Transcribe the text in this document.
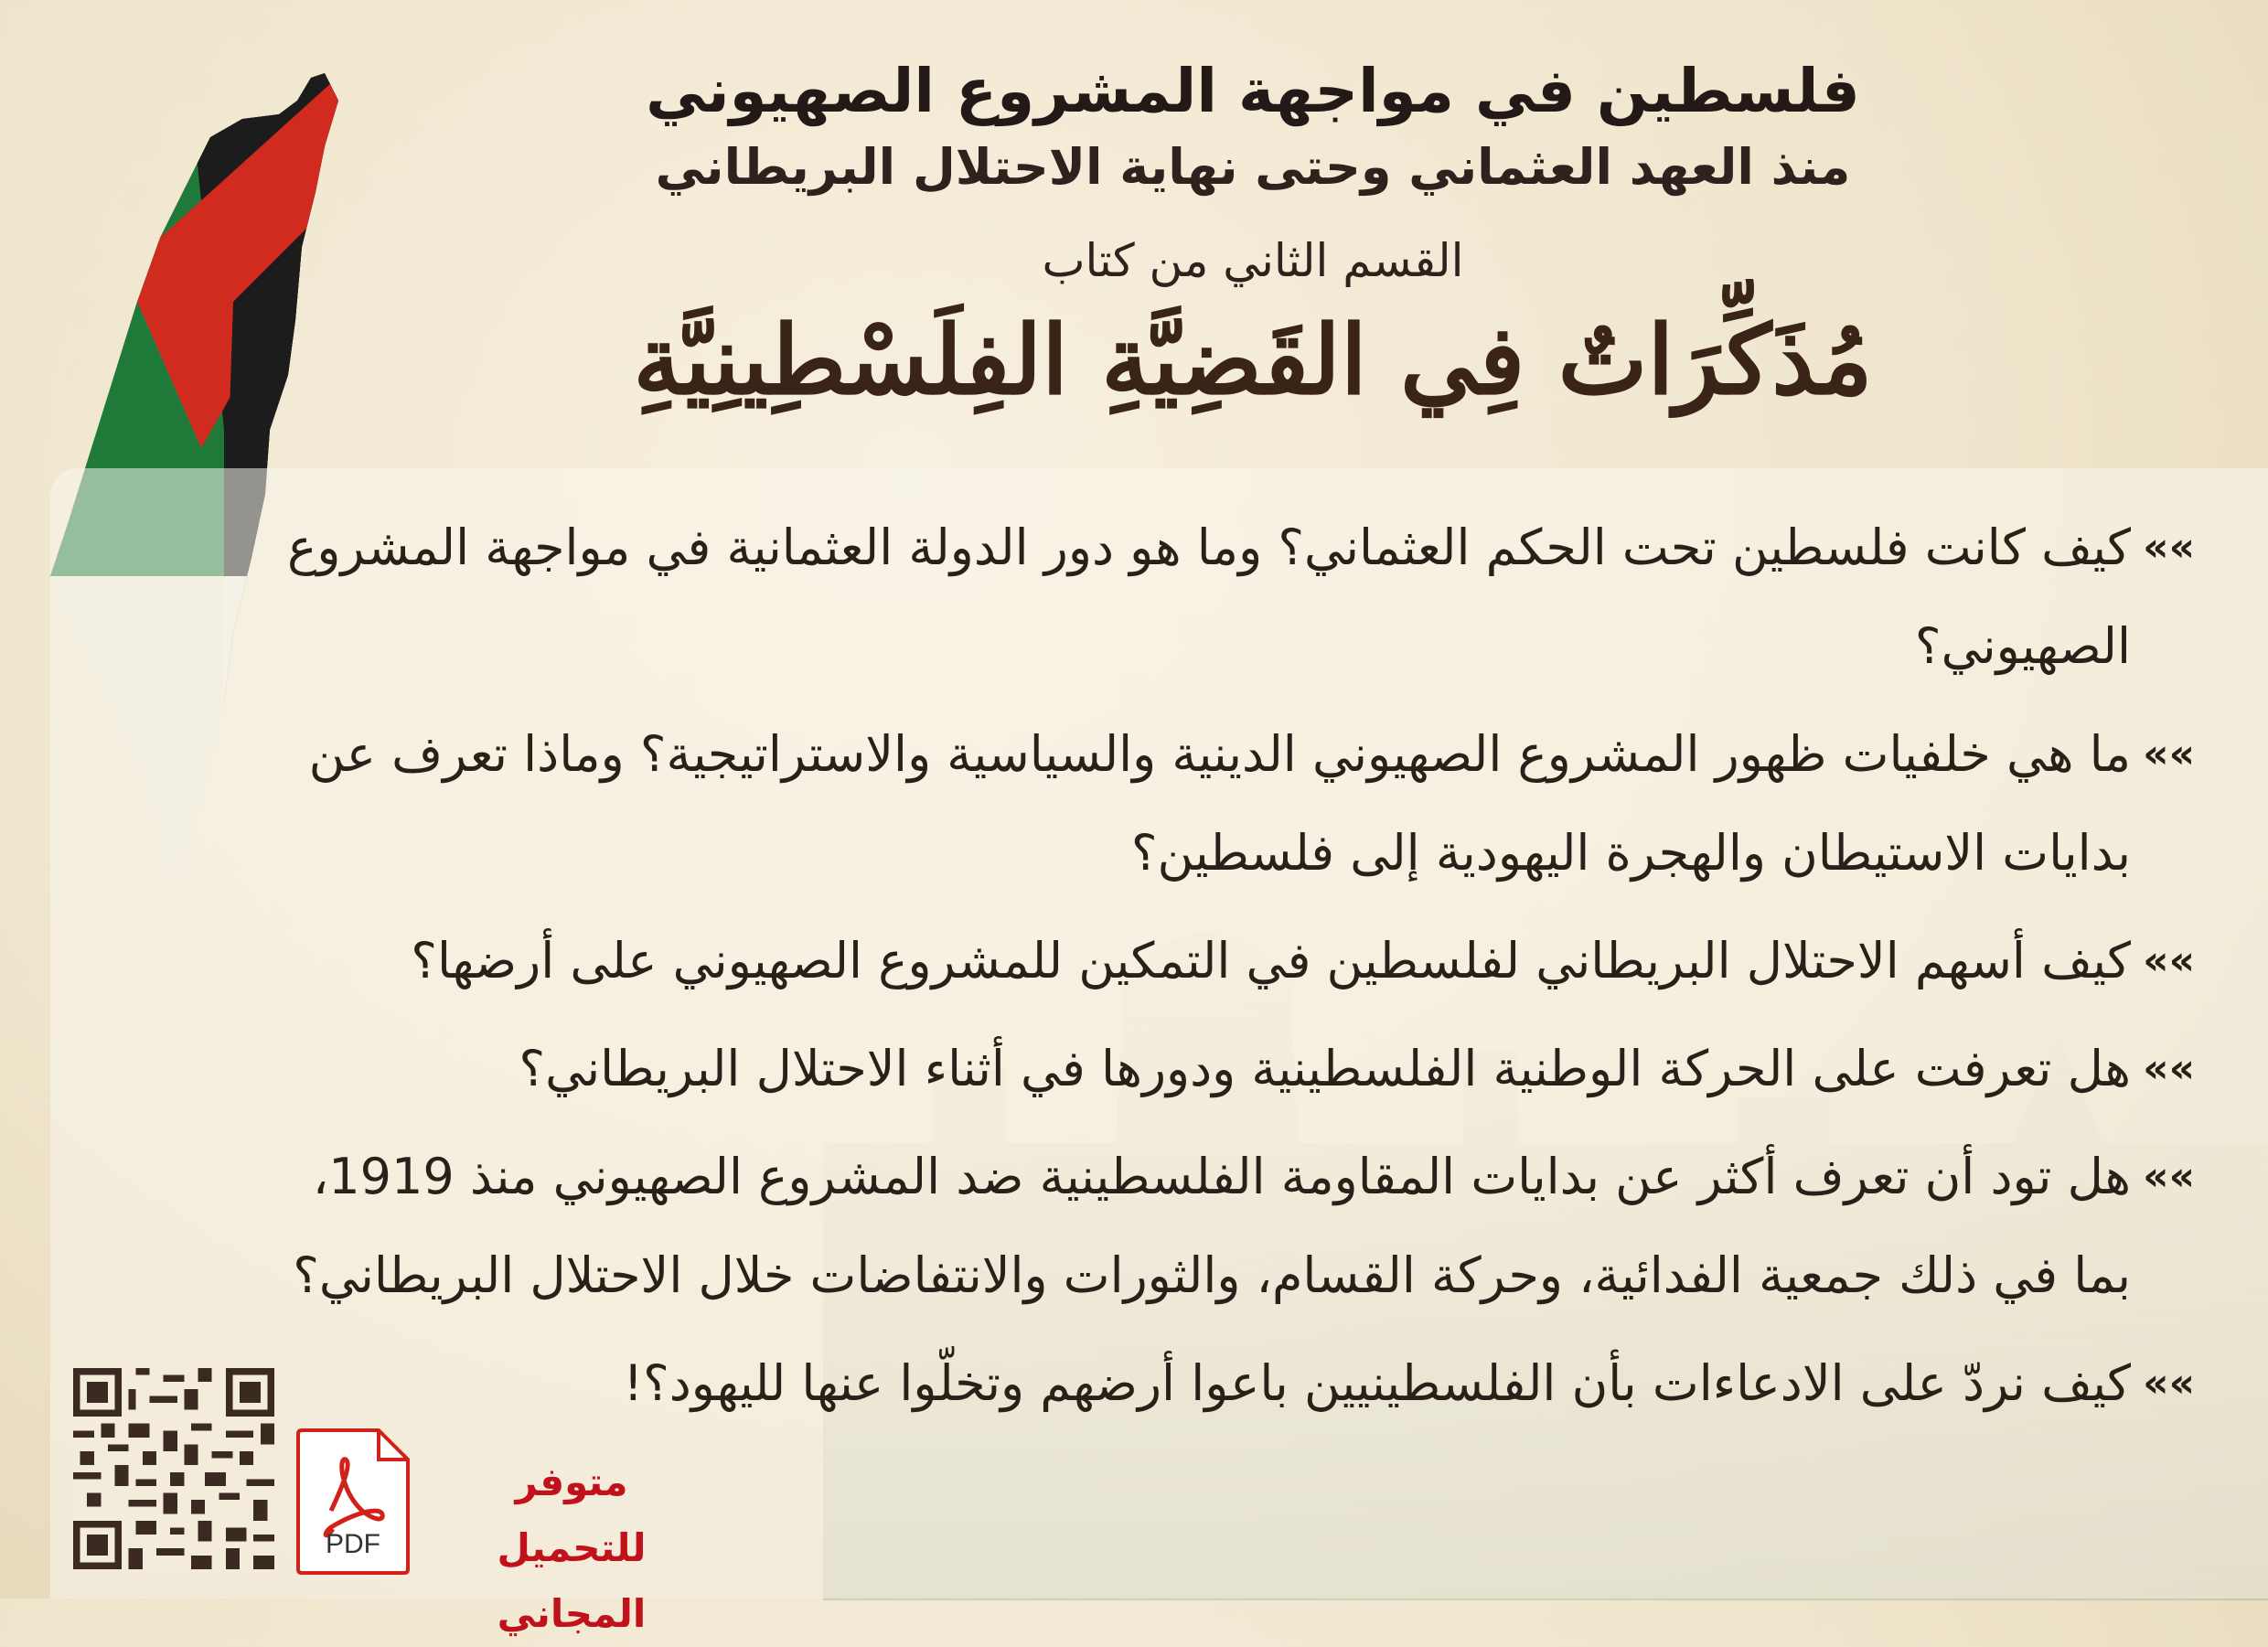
فلسطين في مواجهة المشروع الصهيوني
منذ العهد العثماني وحتى نهاية الاحتلال البريطاني
القسم الثاني من كتاب
مُذَكِّرَاتٌ فِي القَضِيَّةِ الفِلَسْطِينِيَّةِ
»»
كيف كانت فلسطين تحت الحكم العثماني؟ وما هو دور الدولة العثمانية في مواجهة المشروع الصهيوني؟
»»
ما هي خلفيات ظهور المشروع الصهيوني الدينية والسياسية والاستراتيجية؟ وماذا تعرف عن بدايات الاستيطان والهجرة اليهودية إلى فلسطين؟
»»
كيف أسهم الاحتلال البريطاني لفلسطين في التمكين للمشروع الصهيوني على أرضها؟
»»
هل تعرفت على الحركة الوطنية الفلسطينية ودورها في أثناء الاحتلال البريطاني؟
»»
هل تود أن تعرف أكثر عن بدايات المقاومة الفلسطينية ضد المشروع الصهيوني منذ 1919، بما في ذلك جمعية الفدائية، وحركة القسام، والثورات والانتفاضات خلال الاحتلال البريطاني؟
»»
كيف نردّ على الادعاءات بأن الفلسطينيين باعوا أرضهم وتخلّوا عنها لليهود؟!
PDF
متوفر
للتحميل المجاني
